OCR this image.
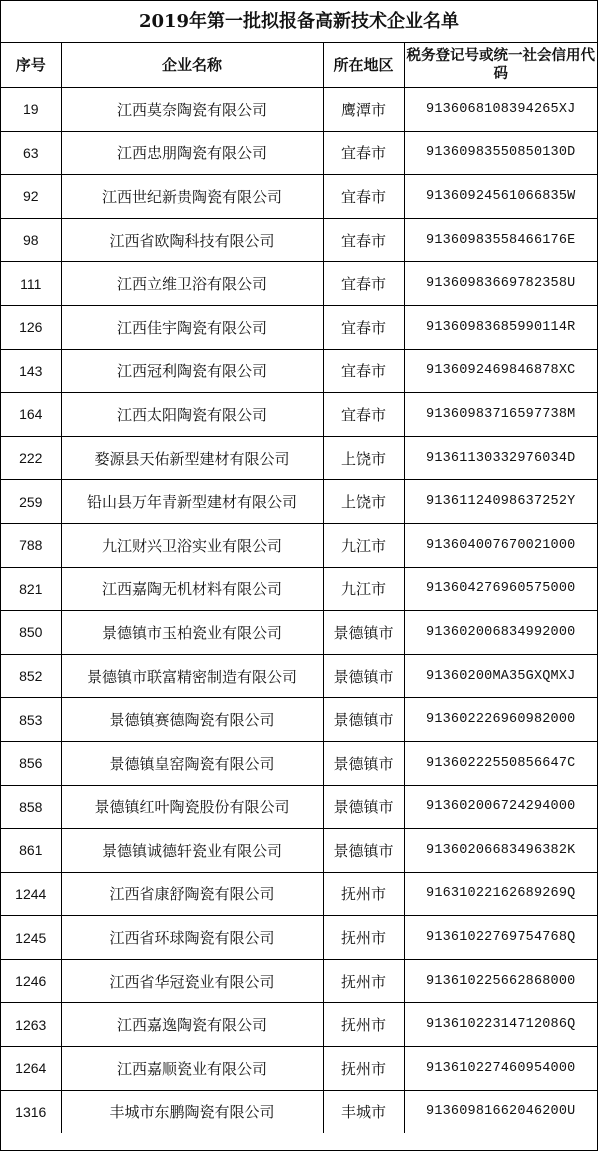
2019年第一批拟报备高新技术企业名单
序号	企业名称	所在地区	税务登记号或统一社会信用代码
19	江西莫奈陶瓷有限公司	鹰潭市	9136068108394265XJ
63	江西忠朋陶瓷有限公司	宜春市	91360983550850130D
92	江西世纪新贵陶瓷有限公司	宜春市	91360924561066835W
98	江西省欧陶科技有限公司	宜春市	91360983558466176E
111	江西立维卫浴有限公司	宜春市	91360983669782358U
126	江西佳宇陶瓷有限公司	宜春市	91360983685990114R
143	江西冠利陶瓷有限公司	宜春市	9136092469846878XC
164	江西太阳陶瓷有限公司	宜春市	91360983716597738M
222	婺源县天佑新型建材有限公司	上饶市	91361130332976034D
259	铅山县万年青新型建材有限公司	上饶市	9136112409863725​2Y
788	九江财兴卫浴实业有限公司	九江市	913604007670021000
821	江西嘉陶无机材料有限公司	九江市	913604276960575000
850	景德镇市玉柏瓷业有限公司	景德镇市	913602006834992000
852	景德镇市联富精密制造有限公司	景德镇市	91360200MA35GXQMXJ
853	景德镇赛德陶瓷有限公司	景德镇市	913602226960982000
856	景德镇皇窑陶瓷有限公司	景德镇市	91360222550856647C
858	景德镇红叶陶瓷股份有限公司	景德镇市	913602006724294000
861	景德镇诚德轩瓷业有限公司	景德镇市	91360206683496382K
1244	江西省康舒陶瓷有限公司	抚州市	91631022162689269Q
1245	江西省环球陶瓷有限公司	抚州市	91361022769754768Q
1246	江西省华冠瓷业有限公司	抚州市	913610225662868000
1263	江西嘉逸陶瓷有限公司	抚州市	91361022314712086Q
1264	江西嘉顺瓷业有限公司	抚州市	913610227460954000
1316	丰城市东鹏陶瓷有限公司	丰城市	91360981662046200U
